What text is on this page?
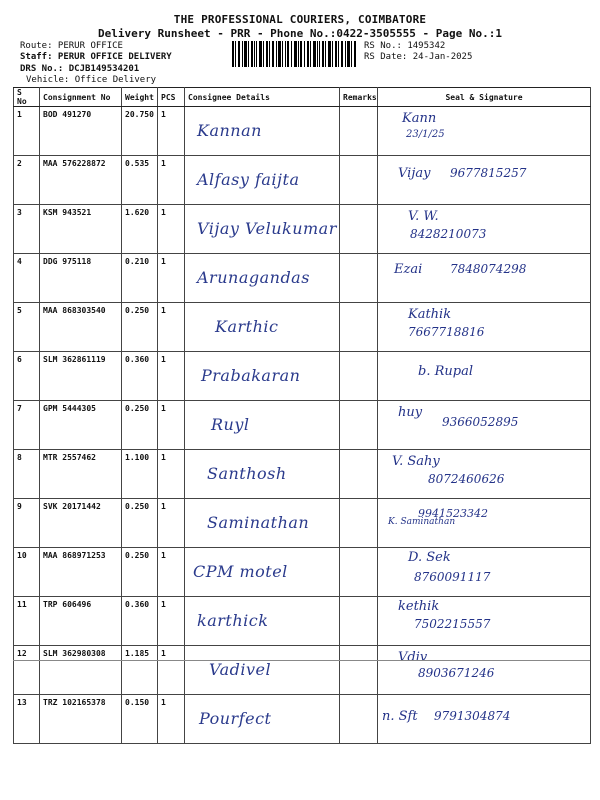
THE PROFESSIONAL COURIERS, COIMBATORE
Delivery Runsheet - PRR - Phone No.:0422-3505555 - Page No.:1
Route: PERUR OFFICE
Staff: PERUR OFFICE DELIVERY
DRS No.: DCJB149534201
Vehicle: Office Delivery
RS No.: 1495342
RS Date: 24-Jan-2025
S No	Consignment No	Weight	PCS	Consignee Details	Remarks	Seal & Signature
1	BOD 491270	20.750	1	Kannan		Kann
23/1/25

2	MAA 576228872	0.535	1	Alfasy faijta		Vijay 9677815257

3	KSM 943521	1.620	1	Vijay Velukumar		V. W.
8428210073

4	DDG 975118	0.210	1	Arunagandas		Ezai 7848074298

5	MAA 868303540	0.250	1	Karthic		Kathik
7667718816

6	SLM 362861119	0.360	1	Prabakaran		b. Rupal

7	GPM 5444305	0.250	1	Ruyl		huy
9366052895

8	MTR 2557462	1.100	1	Santhosh		V. Sahy
8072460626

9	SVK 20171442	0.250	1	Saminathan		K. Saminathan
9941523342

10	MAA 868971253	0.250	1	CPM motel		D. Sek
8760091117

11	TRP 606496	0.360	1	karthick		kethik
7502215557

12	SLM 362980308	1.185	1	Vadivel		Vdiv
8903671246

13	TRZ 102165378	0.150	1	Pourfect		n. Sft 9791304874
